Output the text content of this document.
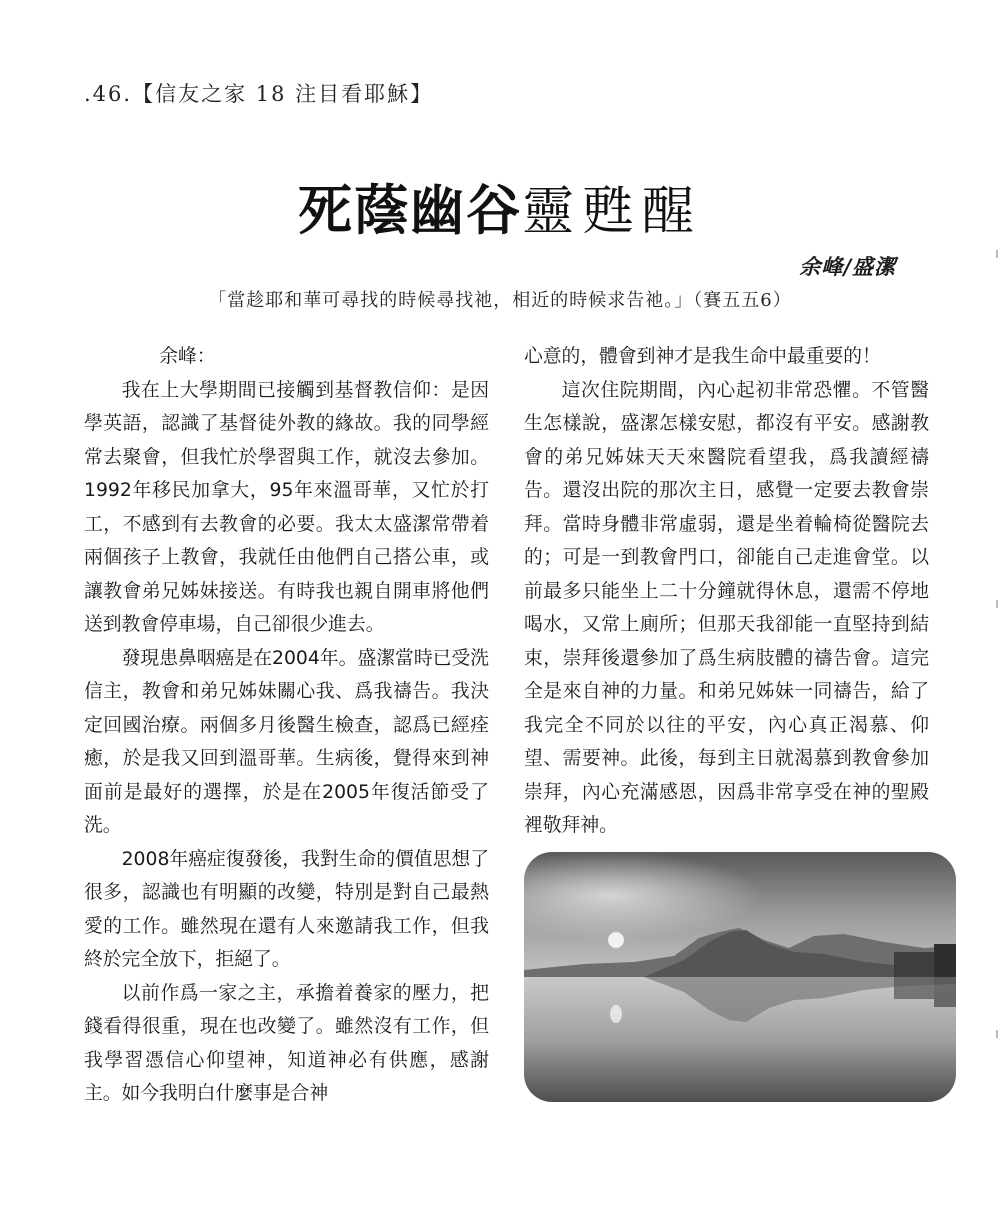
.46.【信友之家 18 注目看耶穌】
死蔭幽谷靈甦醒
余峰/盛潔
「當趁耶和華可尋找的時候尋找祂，相近的時候求告祂。」（賽五五6）

余峰：

我在上大學期間已接觸到基督教信仰：是因學英語，認識了基督徒外教的緣故。我的同學經常去聚會，但我忙於學習與工作，就沒去參加。1992年移民加拿大，95年來溫哥華，又忙於打工，不感到有去教會的必要。我太太盛潔常帶着兩個孩子上教會，我就任由他們自己搭公車，或讓教會弟兄姊妹接送。有時我也親自開車將他們送到教會停車場，自己卻很少進去。

發現患鼻咽癌是在2004年。盛潔當時已受洗信主，教會和弟兄姊妹關心我、爲我禱告。我決定回國治療。兩個多月後醫生檢查，認爲已經痊癒，於是我又回到溫哥華。生病後，覺得來到神面前是最好的選擇，於是在2005年復活節受了洗。

2008年癌症復發後，我對生命的價值思想了很多，認識也有明顯的改變，特別是對自己最熱愛的工作。雖然現在還有人來邀請我工作，但我終於完全放下，拒絕了。

以前作爲一家之主，承擔着養家的壓力，把錢看得很重，現在也改變了。雖然沒有工作，但我學習憑信心仰望神，知道神必有供應，感謝主。如今我明白什麼事是合神

心意的，體會到神才是我生命中最重要的！

這次住院期間，內心起初非常恐懼。不管醫生怎樣說，盛潔怎樣安慰，都沒有平安。感謝教會的弟兄姊妹天天來醫院看望我，爲我讀經禱告。還沒出院的那次主日，感覺一定要去教會崇拜。當時身體非常虛弱，還是坐着輪椅從醫院去的；可是一到教會門口，卻能自己走進會堂。以前最多只能坐上二十分鐘就得休息，還需不停地喝水，又常上廁所；但那天我卻能一直堅持到結束，崇拜後還參加了爲生病肢體的禱告會。這完全是來自神的力量。和弟兄姊妹一同禱告，給了我完全不同於以往的平安，內心真正渴慕、仰望、需要神。此後，每到主日就渴慕到教會參加崇拜，內心充滿感恩，因爲非常享受在神的聖殿裡敬拜神。
